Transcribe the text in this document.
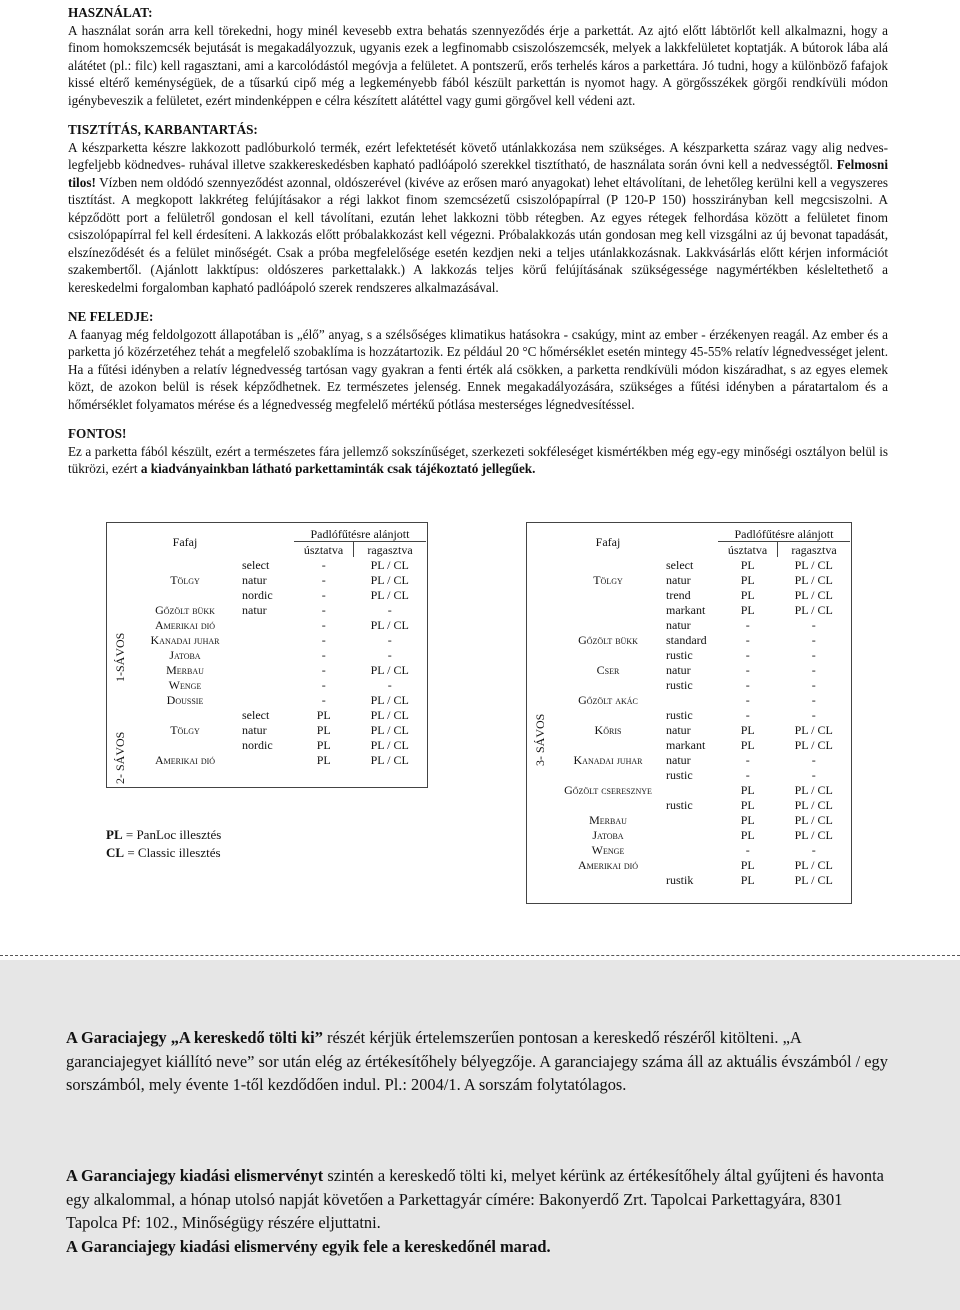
HASZNÁLAT:

A használat során arra kell törekedni, hogy minél kevesebb extra behatás szennyeződés érje a parkettát. Az ajtó előtt lábtörlőt kell alkalmazni, hogy a finom homokszemcsék bejutását is megakadályozzuk, ugyanis ezek a legfinomabb csiszolószemcsék, melyek a lakkfelületet koptatják. A bútorok lába alá alátétet (pl.: filc) kell ragasztani, ami a karcolódástól megóvja a felületet. A pontszerű, erős terhelés káros a parkettára. Jó tudni, hogy a különböző fafajok kissé eltérő keménységüek, de a tűsarkú cipő még a legkeményebb fából készült parkettán is nyomot hagy. A görgősszékek görgői rendkívüli módon igénybeveszik a felületet, ezért mindenképpen e célra készített alátéttel vagy gumi görgővel kell védeni azt.

TISZTÍTÁS, KARBANTARTÁS:

A készparketta készre lakkozott padlóburkoló termék, ezért lefektetését követő utánlakkozása nem szükséges. A készparketta száraz vagy alig nedves- legfeljebb ködnedves- ruhával illetve szakkereskedésben kapható padlóápoló szerekkel tisztítható, de használata során óvni kell a nedvességtől. Felmosni tilos! Vízben nem oldódó szennyeződést azonnal, oldószerével (kivéve az erősen maró anyagokat) lehet eltávolítani, de lehetőleg kerülni kell a vegyszeres tisztítást. A megkopott lakkréteg felújításakor a régi lakkot finom szemcsézetű csiszolópapírral (P 120-P 150) hosszirányban kell megcsiszolni. A képződött port a felületről gondosan el kell távolítani, ezután lehet lakkozni több rétegben. Az egyes rétegek felhordása között a felületet finom csiszolópapírral fel kell érdesíteni. A lakkozás előtt próbalakkozást kell végezni. Próbalakkozás után gondosan meg kell vizsgálni az új bevonat tapadását, elszíneződését és a felület minőségét. Csak a próba megfelelősége esetén kezdjen neki a teljes utánlakkozásnak. Lakkvásárlás előtt kérjen információt szakembertől. (Ajánlott lakktípus: oldószeres parkettalakk.) A lakkozás teljes körű felújításának szükségessége nagymértékben késleltethető a kereskedelmi forgalomban kapható padlóápoló szerek rendszeres alkalmazásával.

NE FELEDJE:

A faanyag még feldolgozott állapotában is „élő” anyag, s a szélsőséges klimatikus hatásokra - csakúgy, mint az ember - érzékenyen reagál. Az ember és a parketta jó közérzetéhez tehát a megfelelő szobaklíma is hozzátartozik. Ez például 20 °C hőmérséklet esetén mintegy 45-55% relatív légnedvességet jelent. Ha a fűtési idényben a relatív légnedvesség tartósan vagy gyakran a fenti érték alá csökken, a parketta rendkívüli módon kiszáradhat, s az egyes elemek közt, de azokon belül is rések képződhetnek. Ez természetes jelenség. Ennek megakadályozására, szükséges a fűtési idényben a páratartalom és a hőmérséklet folyamatos mérése és a légnedvesség megfelelő mértékű pótlása mesterséges légnedvesítéssel.

FONTOS!

Ez a parketta fából készült, ezért a természetes fára jellemző sokszínűséget, szerkezeti sokféleséget kismértékben még egy-egy minőségi osztályon belül is tükrözi, ezért a kiadványainkban látható parkettaminták csak tájékoztató jellegűek.

1-SÁVOS
2- SÁVOS
Fafaj		Padlófűtésre alánjott	
		úsztatva	ragasztva
	select	-	PL / CL
Tölgy	natur	-	PL / CL
	nordic	-	PL / CL
Gőzölt bükk	natur	-	-
Amerikai dió		-	PL / CL
Kanadai juhar		-	-
Jatoba		-	-
Merbau		-	PL / CL
Wenge		-	-
Doussie		-	PL / CL
	select	PL	PL / CL
Tölgy	natur	PL	PL / CL
	nordic	PL	PL / CL
Amerikai dió		PL	PL / CL	3- SÁVOS
Fafaj		Padlófűtésre alánjott	
		úsztatva	ragasztva
	select	PL	PL / CL
Tölgy	natur	PL	PL / CL
	trend	PL	PL / CL
	markant	PL	PL / CL
	natur	-	-
Gőzölt bükk	standard	-	-
	rustic	-	-
Cser	natur	-	-
	rustic	-	-
Gőzölt akác		-	-
	rustic	-	-
Kőris	natur	PL	PL / CL
	markant	PL	PL / CL
Kanadai juhar	natur	-	-
	rustic	-	-
Gőzölt cseresznye		PL	PL / CL
	rustic	PL	PL / CL
Merbau		PL	PL / CL
Jatoba		PL	PL / CL
Wenge		-	-
Amerikai dió		PL	PL / CL
	rustik	PL	PL / CL
PL = PanLoc illesztés
CL = Classic illesztés
A Garaciajegy „A kereskedő tölti ki” részét kérjük értelemszerűen pontosan a kereskedő részéről kitölteni. „A garanciajegyet kiállító neve” sor után elég az értékesítőhely bélyegzője. A garanciajegy száma áll az aktuális évszámból / egy sorszámból, mely évente 1-től kezdődően indul. Pl.: 2004/1. A sorszám folytatólagos.
A Garanciajegy kiadási elismervényt szintén a kereskedő tölti ki, melyet kérünk az értékesítőhely által gyűjteni és havonta egy alkalommal, a hónap utolsó napját követően a Parkettagyár címére: Bakonyerdő Zrt. Tapolcai Parkettagyára, 8301 Tapolca Pf: 102., Minőségügy részére eljuttatni.
A Garanciajegy kiadási elismervény egyik fele a kereskedőnél marad.
